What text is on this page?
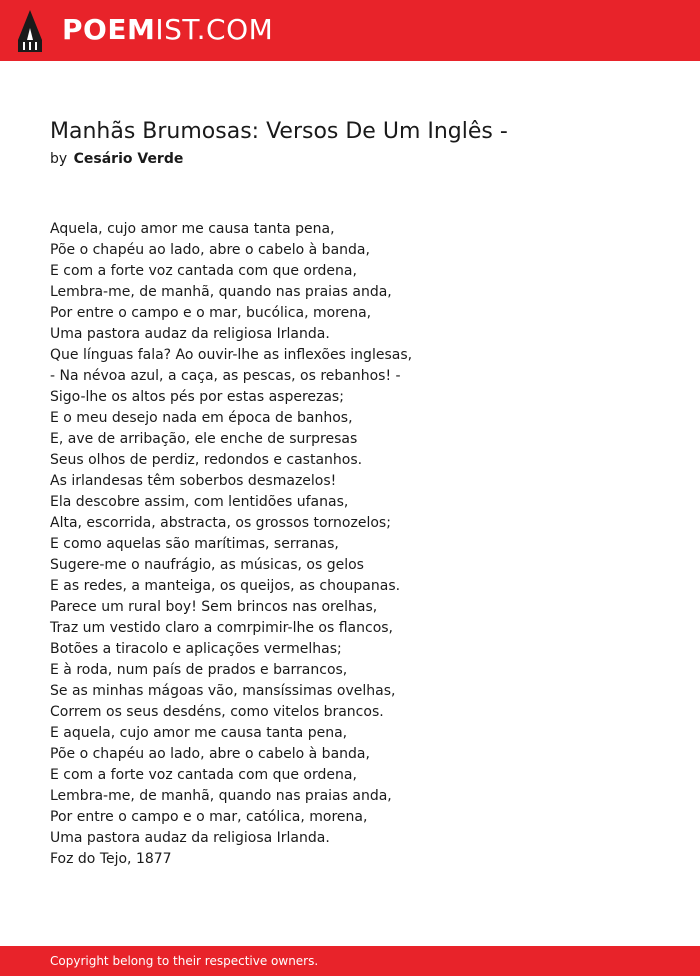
POEMIST.COM
Manhãs Brumosas: Versos De Um Inglês -
by Cesário Verde
Aquela, cujo amor me causa tanta pena,
Põe o chapéu ao lado, abre o cabelo à banda,
E com a forte voz cantada com que ordena,
Lembra-me, de manhã, quando nas praias anda,
Por entre o campo e o mar, bucólica, morena,
Uma pastora audaz da religiosa Irlanda.
Que línguas fala? Ao ouvir-lhe as inflexões inglesas,
- Na névoa azul, a caça, as pescas, os rebanhos! -
Sigo-lhe os altos pés por estas asperezas;
E o meu desejo nada em época de banhos,
E, ave de arribação, ele enche de surpresas
Seus olhos de perdiz, redondos e castanhos.
As irlandesas têm soberbos desmazelos!
Ela descobre assim, com lentidões ufanas,
Alta, escorrida, abstracta, os grossos tornozelos;
E como aquelas são marítimas, serranas,
Sugere-me o naufrágio, as músicas, os gelos
E as redes, a manteiga, os queijos, as choupanas.
Parece um rural boy! Sem brincos nas orelhas,
Traz um vestido claro a comrpimir-lhe os flancos,
Botões a tiracolo e aplicações vermelhas;
E à roda, num país de prados e barrancos,
Se as minhas mágoas vão, mansíssimas ovelhas,
Correm os seus desdéns, como vitelos brancos.
E aquela, cujo amor me causa tanta pena,
Põe o chapéu ao lado, abre o cabelo à banda,
E com a forte voz cantada com que ordena,
Lembra-me, de manhã, quando nas praias anda,
Por entre o campo e o mar, católica, morena,
Uma pastora audaz da religiosa Irlanda.
Foz do Tejo, 1877
Copyright belong to their respective owners.
